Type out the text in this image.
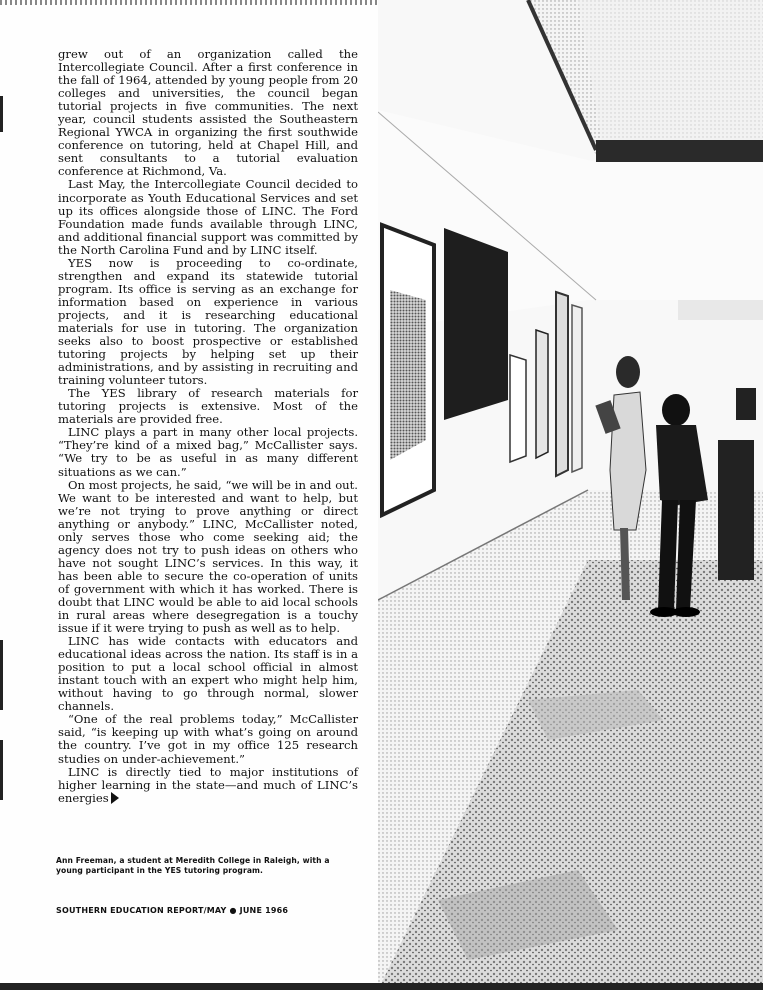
grew out of an organization called the Intercollegiate Council. After a first conference in the fall of 1964, attended by young people from 20 colleges and universities, the council began tutorial projects in five communities. The next year, council students assisted the Southeastern Regional YWCA in organizing the first southwide conference on tutoring, held at Chapel Hill, and sent consultants to a tutorial evaluation conference at Richmond, Va.

Last May, the Intercollegiate Council decided to incorporate as Youth Educational Services and set up its offices alongside those of LINC. The Ford Foundation made funds available through LINC, and additional financial support was committed by the North Carolina Fund and by LINC itself.

YES now is proceeding to co-ordinate, strengthen and expand its statewide tutorial program. Its office is serving as an exchange for information based on experience in various projects, and it is researching educational materials for use in tutoring. The organization seeks also to boost prospective or established tutoring projects by helping set up their administrations, and by assisting in recruiting and training volunteer tutors.

The YES library of research materials for tutoring projects is extensive. Most of the materials are provided free.

LINC plays a part in many other local projects. “They’re kind of a mixed bag,” McCallister says. “We try to be as useful in as many different situations as we can.”

On most projects, he said, “we will be in and out. We want to be interested and want to help, but we’re not trying to prove anything or direct anything or anybody.” LINC, McCallister noted, only serves those who come seeking aid; the agency does not try to push ideas on others who have not sought LINC’s services. In this way, it has been able to secure the co-operation of units of government with which it has worked. There is doubt that LINC would be able to aid local schools in rural areas where desegregation is a touchy issue if it were trying to push as well as to help.

LINC has wide contacts with educators and educational ideas across the nation. Its staff is in a position to put a local school official in almost instant touch with an expert who might help him, without having to go through normal, slower channels.

“One of the real problems today,” McCallister said, “is keeping up with what’s going on around the country. I’ve got in my office 125 research studies on under-achievement.”

LINC is directly tied to major institutions of higher learning in the state—and much of LINC’s energies

Ann Freeman, a student at Meredith College in Raleigh, with a young participant in the YES tutoring program.
SOUTHERN EDUCATION REPORT/MAY ● JUNE 1966
